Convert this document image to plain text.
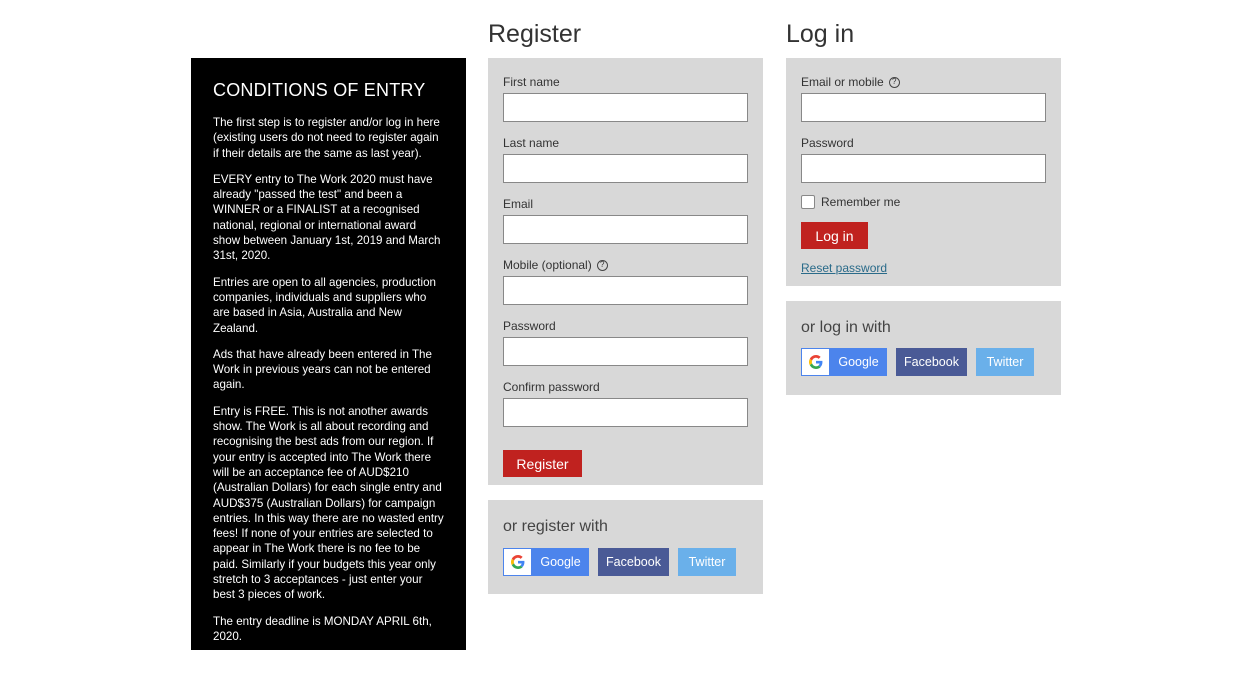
CONDITIONS OF ENTRY

The first step is to register and/or log in here (existing users do not need to register again if their details are the same as last year).

EVERY entry to The Work 2020 must have already "passed the test" and been a WINNER or a FINALIST at a recognised national, regional or international award show between January 1st, 2019 and March 31st, 2020.

Entries are open to all agencies, production companies, individuals and suppliers who are based in Asia, Australia and New Zealand.

Ads that have already been entered in The Work in previous years can not be entered again.

Entry is FREE. This is not another awards show. The Work is all about recording and recognising the best ads from our region. If your entry is accepted into The Work there will be an acceptance fee of AUD$210 (Australian Dollars) for each single entry and AUD$375 (Australian Dollars) for campaign entries. In this way there are no wasted entry fees! If none of your entries are selected to appear in The Work there is no fee to be paid. Similarly if your budgets this year only stretch to 3 acceptances - just enter your best 3 pieces of work.

The entry deadline is MONDAY APRIL 6th, 2020.

Register
First name
Last name
Email
Mobile (optional)	?
Password
Confirm password
Register
or register with
Google	Facebook	Twitter
Log in
Email or mobile	?
Password
Remember me
Log in
Reset password
or log in with
Google	Facebook	Twitter
